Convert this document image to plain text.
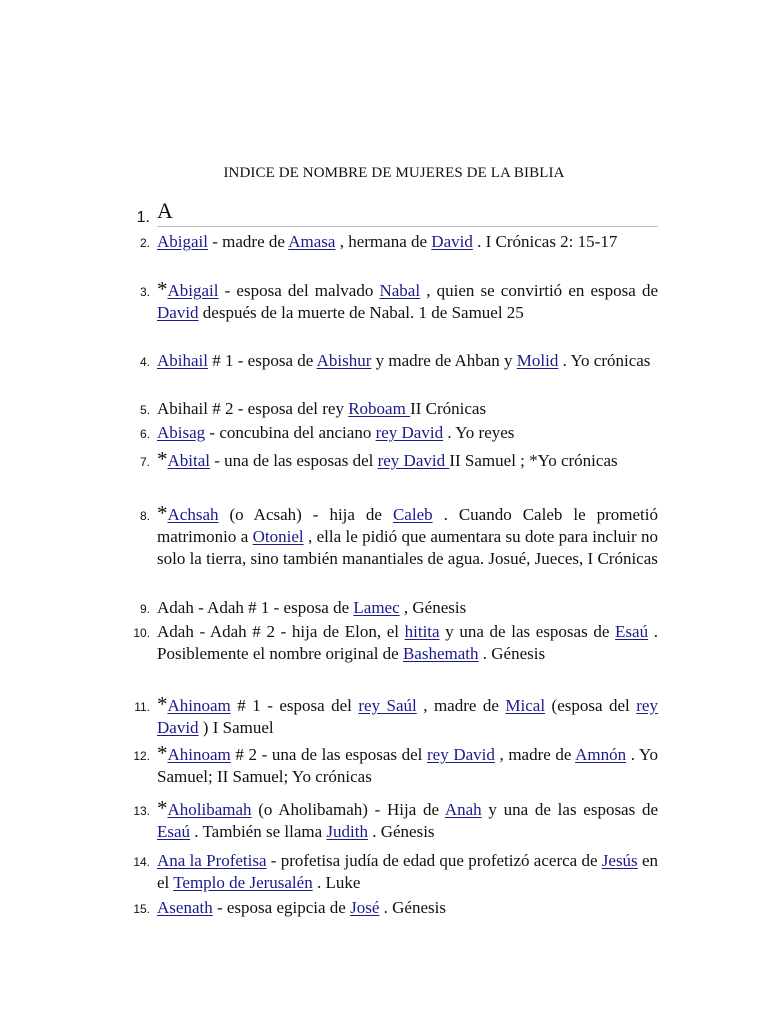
INDICE DE NOMBRE DE MUJERES DE LA BIBLIA
1. A
2. Abigail - madre de Amasa , hermana de David . I Crónicas 2: 15-17
3. *Abigail - esposa del malvado Nabal , quien se convirtió en esposa de David después de la muerte de Nabal. 1 de Samuel 25
4. Abihail # 1 - esposa de Abishur y madre de Ahban y Molid . Yo crónicas
5. Abihail # 2 - esposa del rey Roboam II Crónicas
6. Abisag - concubina del anciano rey David . Yo reyes
7. *Abital - una de las esposas del rey David II Samuel ; *Yo crónicas
8. *Achsah (o Acsah) - hija de Caleb . Cuando Caleb le prometió matrimonio a Otoniel , ella le pidió que aumentara su dote para incluir no solo la tierra, sino también manantiales de agua. Josué, Jueces, I Crónicas
9. Adah - Adah # 1 - esposa de Lamec , Génesis
10. Adah - Adah # 2 - hija de Elon, el hitita y una de las esposas de Esaú . Posiblemente el nombre original de Bashemath . Génesis
11. *Ahinoam # 1 - esposa del rey Saúl , madre de Mical (esposa del rey David ) I Samuel
12. *Ahinoam # 2 - una de las esposas del rey David , madre de Amnón . Yo Samuel; II Samuel; Yo crónicas
13. *Aholibamah (o Aholibamah) - Hija de Anah y una de las esposas de Esaú . También se llama Judith . Génesis
14. Ana la Profetisa - profetisa judía de edad que profetizó acerca de Jesús en el Templo de Jerusalén . Luke
15. Asenath - esposa egipcia de José . Génesis
